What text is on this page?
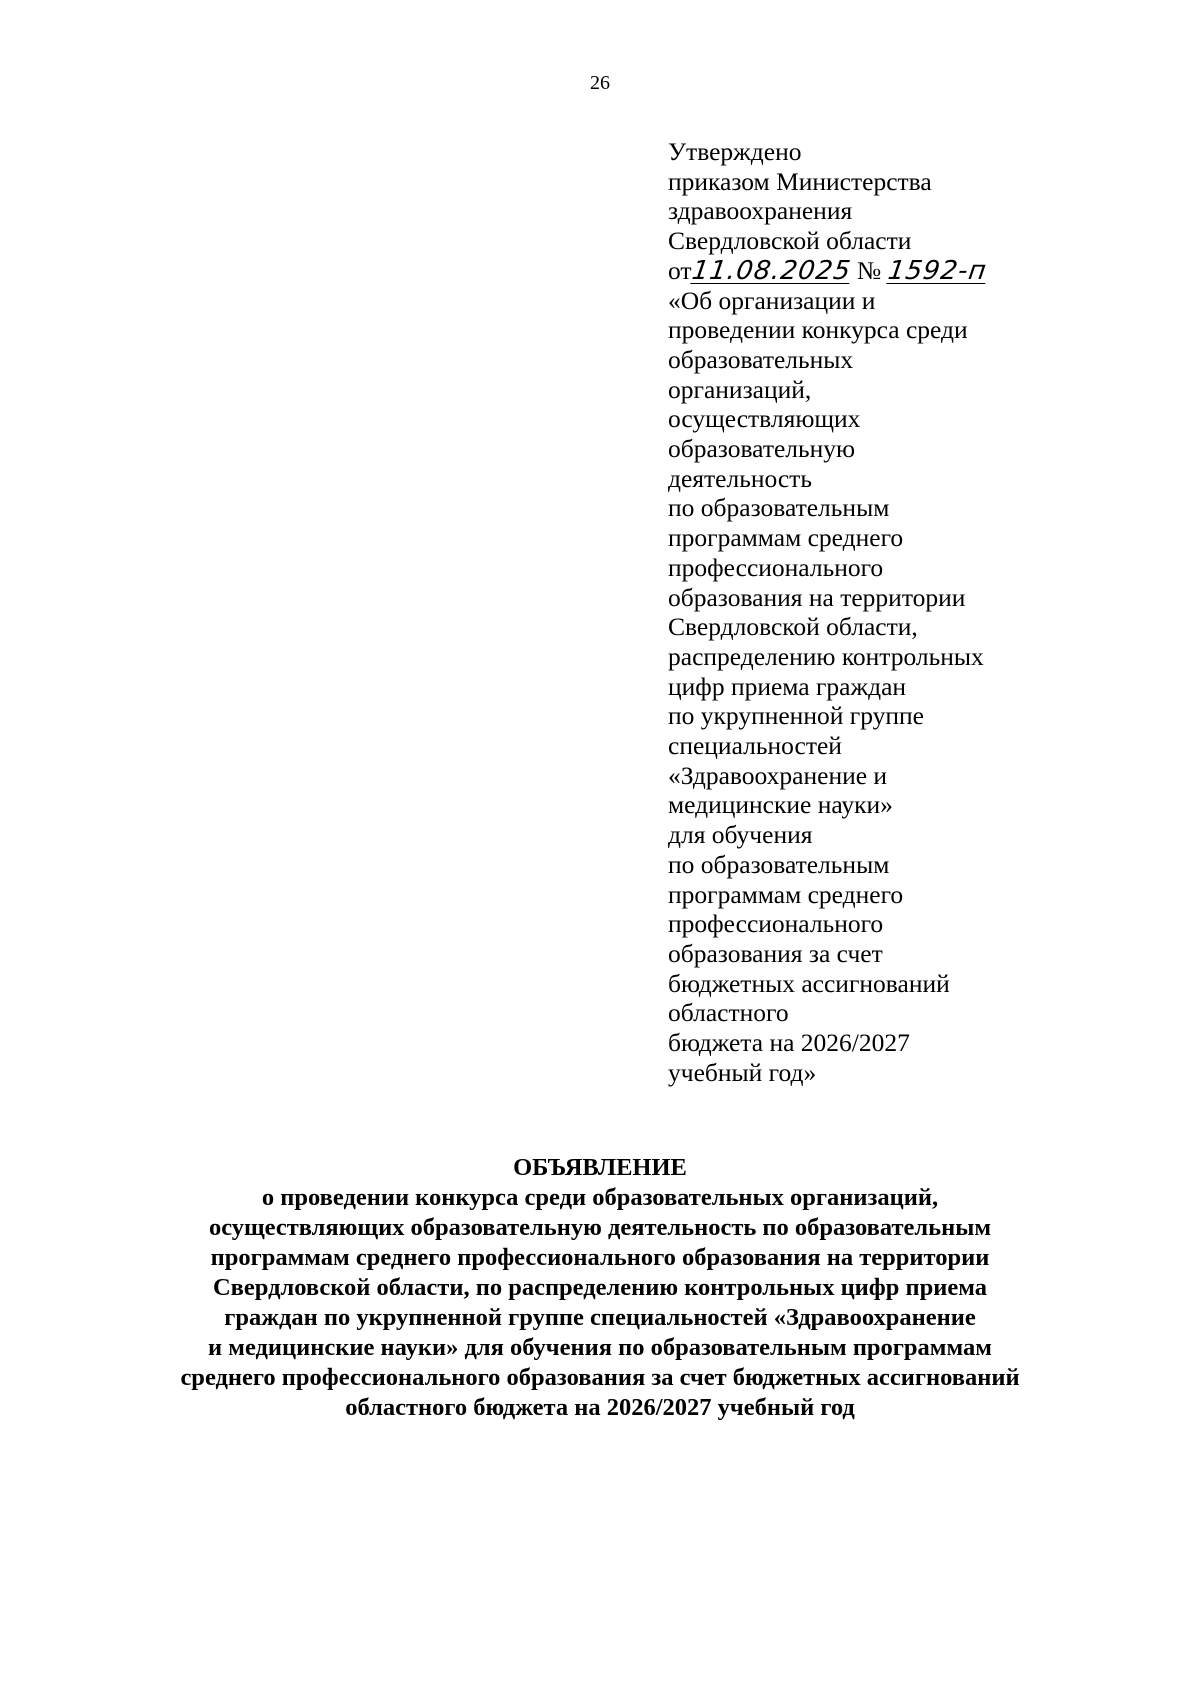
26
Утверждено
приказом Министерства
здравоохранения
Свердловской области
от11.08.2025 № 1592-п
«Об организации и
проведении конкурса среди
образовательных
организаций,
осуществляющих
образовательную
деятельность
по образовательным
программам среднего
профессионального
образования на территории
Свердловской области,
распределению контрольных
цифр приема граждан
по укрупненной группе
специальностей
«Здравоохранение и
медицинские науки»
для обучения
по образовательным
программам среднего
профессионального
образования за счет
бюджетных ассигнований
областного
бюджета на 2026/2027
учебный год»
ОБЪЯВЛЕНИЕ
о проведении конкурса среди образовательных организаций,
осуществляющих образовательную деятельность по образовательным
программам среднего профессионального образования на территории
Свердловской области, по распределению контрольных цифр приема
граждан по укрупненной группе специальностей «Здравоохранение
и медицинские науки» для обучения по образовательным программам
среднего профессионального образования за счет бюджетных ассигнований
областного бюджета на 2026/2027 учебный год
